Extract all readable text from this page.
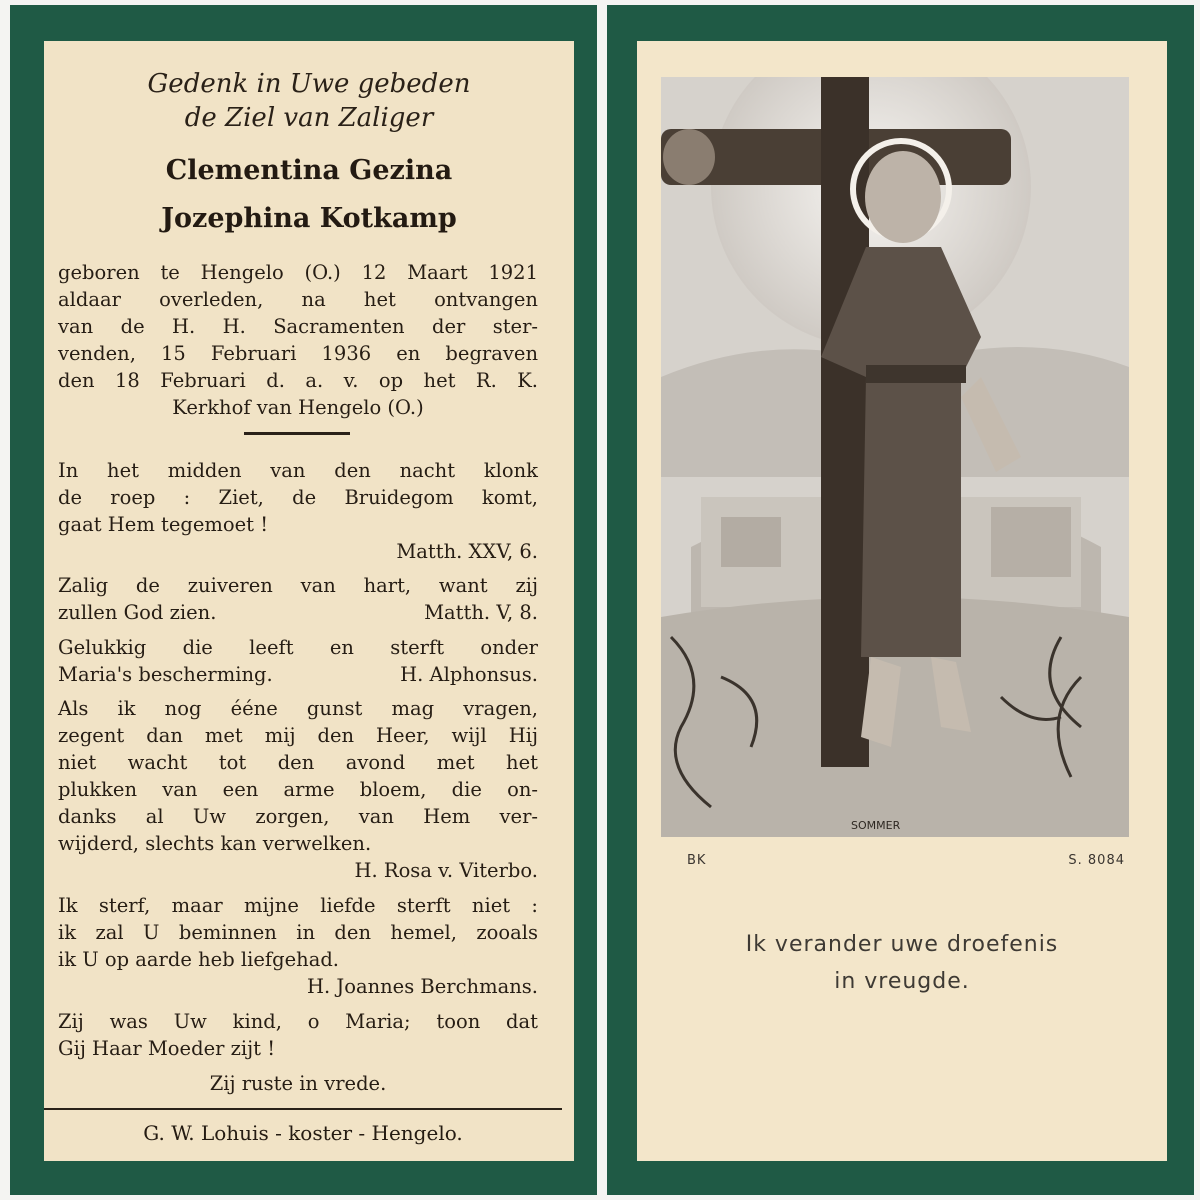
Gedenk in Uwe gebeden
de Ziel van Zaliger
Clementina Gezina
Jozephina Kotkamp
geboren te Hengelo (O.) 12 Maart 1921
aldaar overleden, na het ontvangen
van de H. H. Sacramenten der ster-
venden, 15 Februari 1936 en begraven
den 18 Februari d. a. v. op het R. K.
Kerkhof van Hengelo (O.)
In het midden van den nacht klonk
de roep : Ziet, de Bruidegom komt,
gaat Hem tegemoet !
Matth. XXV, 6.
Zalig de zuiveren van hart, want zij
zullen God zien.	Matth. V, 8.
Gelukkig die leeft en sterft onder
Maria's bescherming.	H. Alphonsus.
Als ik nog ééne gunst mag vragen,
zegent dan met mij den Heer, wijl Hij
niet wacht tot den avond met het
plukken van een arme bloem, die on-
danks al Uw zorgen, van Hem ver-
wijderd, slechts kan verwelken.
H. Rosa v. Viterbo.
Ik sterf, maar mijne liefde sterft niet :
ik zal U beminnen in den hemel, zooals
ik U op aarde heb liefgehad.
H. Joannes Berchmans.
Zij was Uw kind, o Maria; toon dat
Gij Haar Moeder zijt !
Zij ruste in vrede.
G. W. Lohuis - koster - Hengelo.
SOMMER
BK	S. 8084
Ik verander uwe droefenis
in vreugde.
